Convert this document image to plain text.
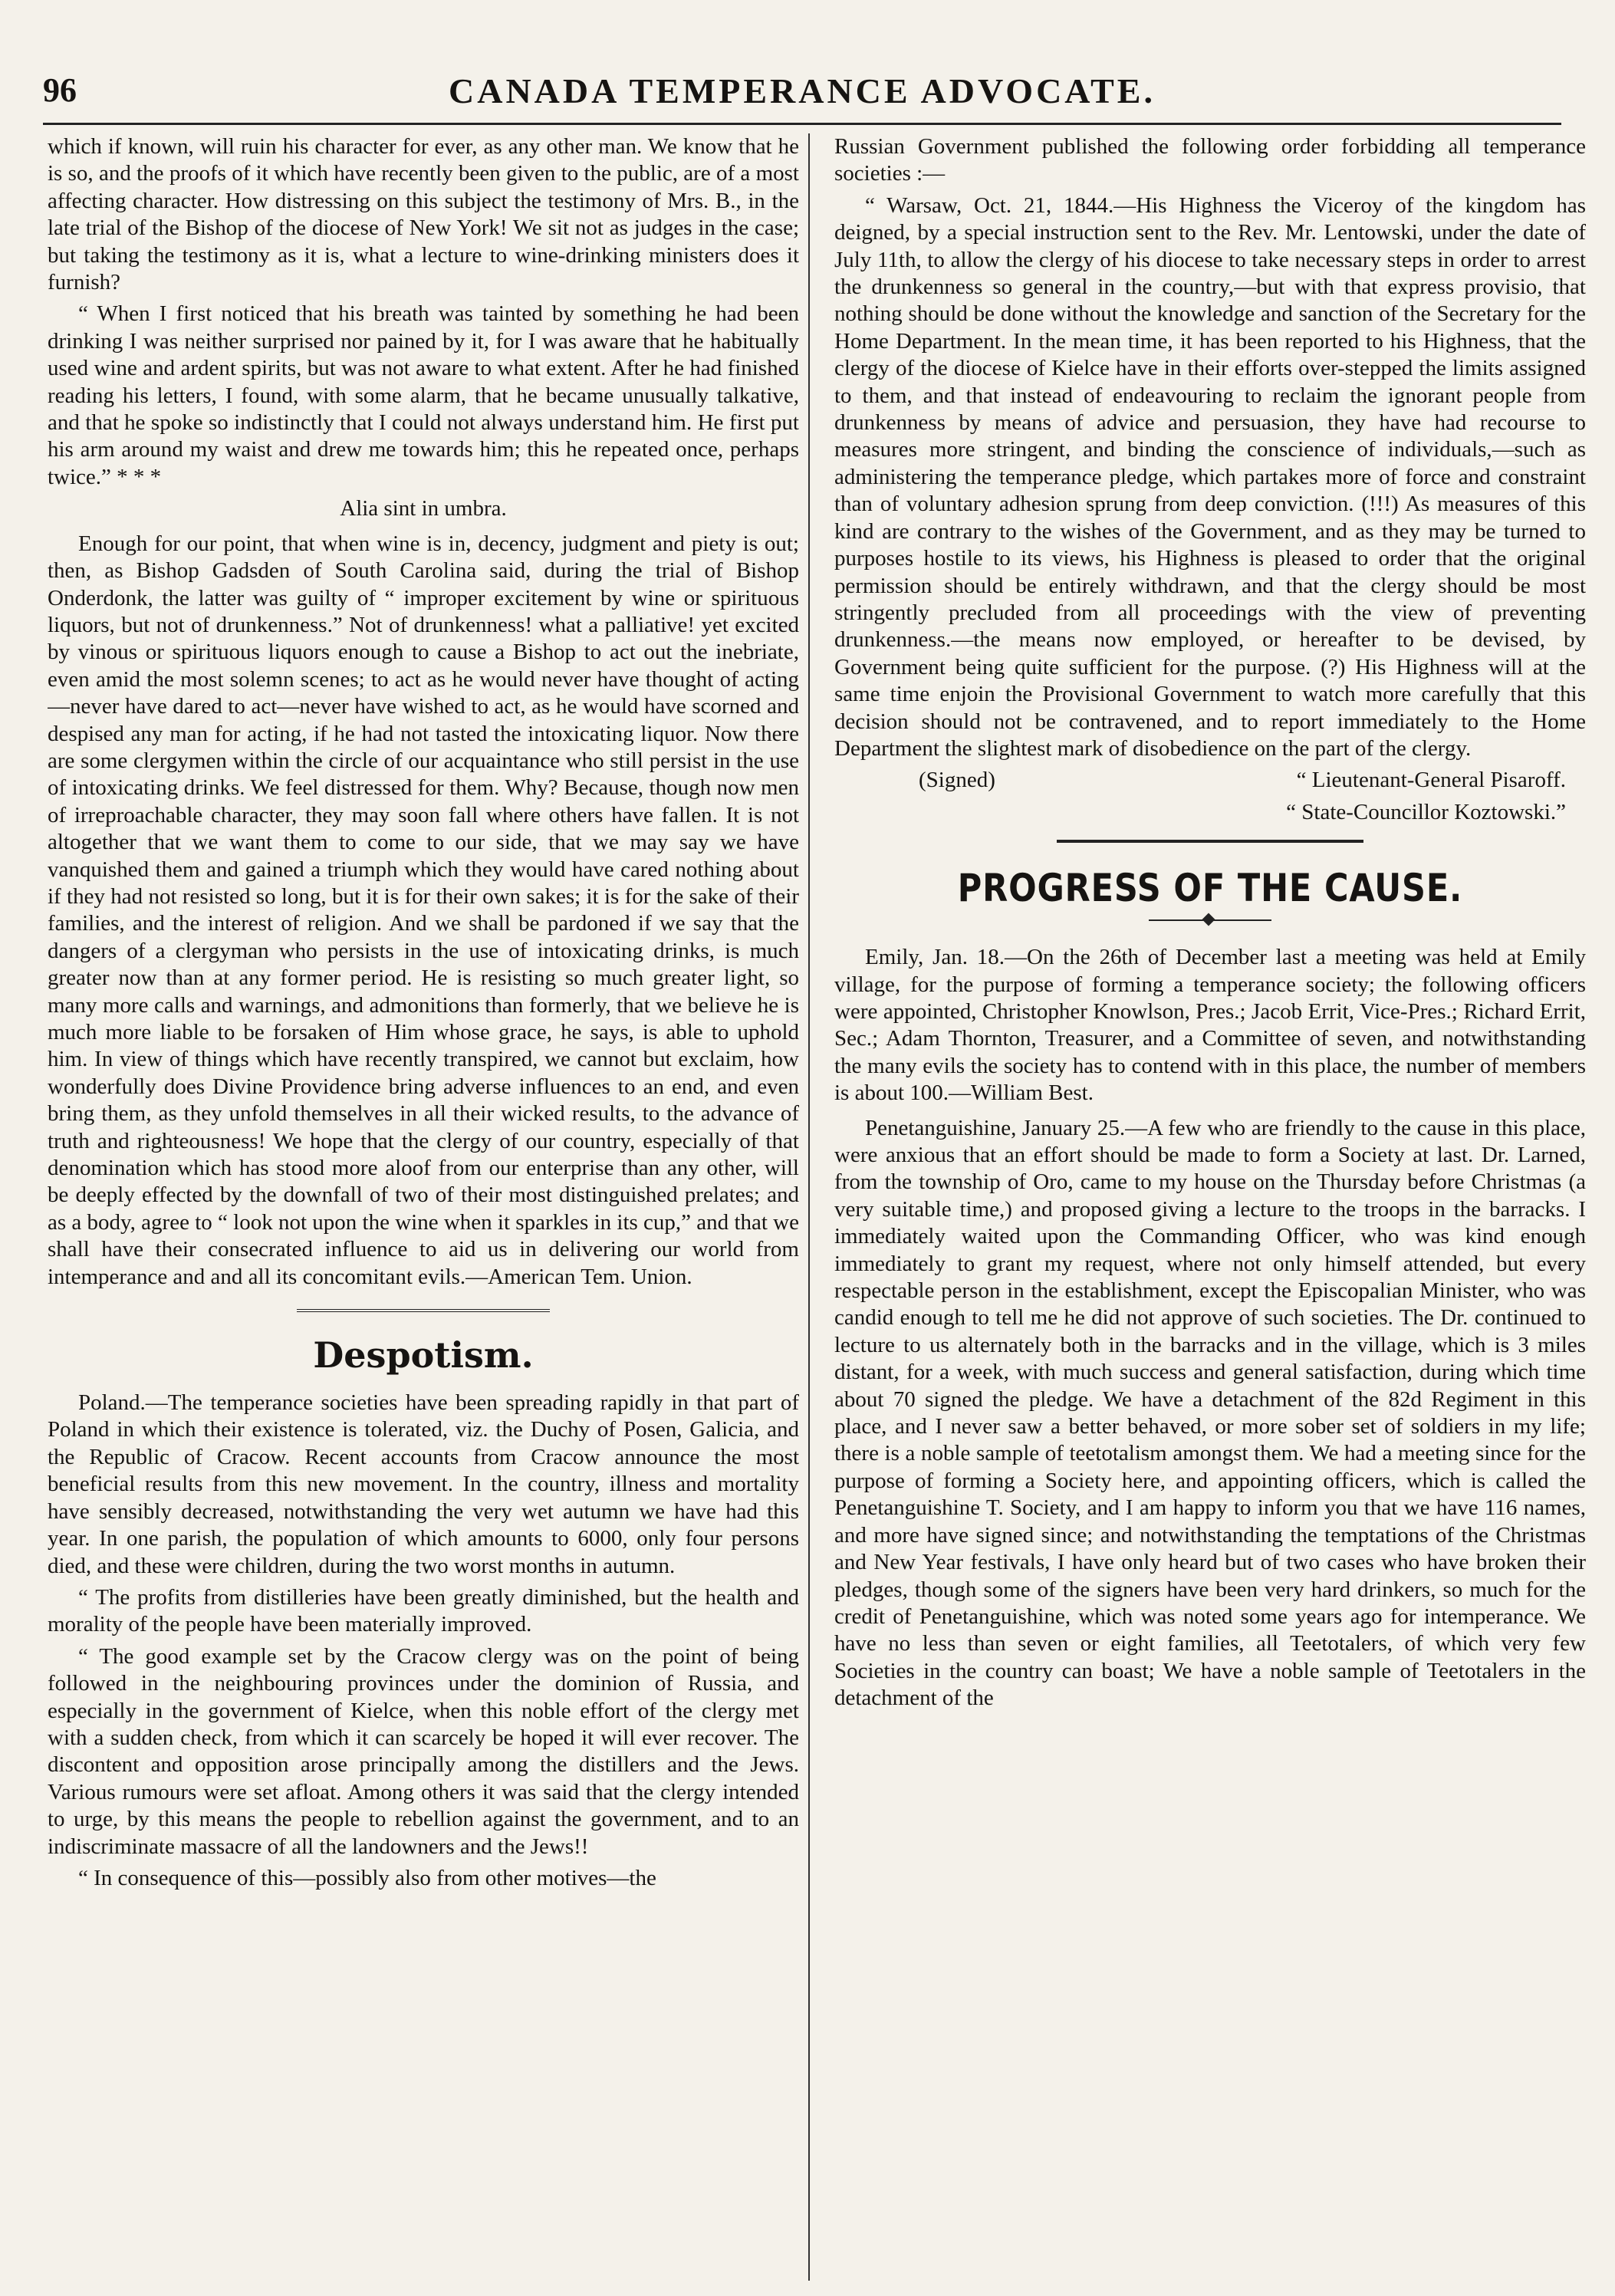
96	CANADA TEMPERANCE ADVOCATE.

which if known, will ruin his character for ever, as any other man. We know that he is so, and the proofs of it which have recently been given to the public, are of a most affecting character. How distressing on this subject the testimony of Mrs. B., in the late trial of the Bishop of the diocese of New York! We sit not as judges in the case; but taking the testimony as it is, what a lecture to wine-drinking ministers does it furnish?

“ When I first noticed that his breath was tainted by something he had been drinking I was neither surprised nor pained by it, for I was aware that he habitually used wine and ardent spirits, but was not aware to what extent. After he had finished reading his letters, I found, with some alarm, that he became unusually talkative, and that he spoke so indistinctly that I could not always understand him. He first put his arm around my waist and drew me towards him; this he repeated once, perhaps twice.” * * *

Alia sint in umbra.

Enough for our point, that when wine is in, decency, judgment and piety is out; then, as Bishop Gadsden of South Carolina said, during the trial of Bishop Onderdonk, the latter was guilty of “ improper excitement by wine or spirituous liquors, but not of drunkenness.” Not of drunkenness! what a palliative! yet excited by vinous or spirituous liquors enough to cause a Bishop to act out the inebriate, even amid the most solemn scenes; to act as he would never have thought of acting—never have dared to act—never have wished to act, as he would have scorned and despised any man for acting, if he had not tasted the intoxicating liquor. Now there are some clergymen within the circle of our acquaintance who still persist in the use of intoxicating drinks. We feel distressed for them. Why? Because, though now men of irreproachable character, they may soon fall where others have fallen. It is not altogether that we want them to come to our side, that we may say we have vanquished them and gained a triumph which they would have cared nothing about if they had not resisted so long, but it is for their own sakes; it is for the sake of their families, and the interest of religion. And we shall be pardoned if we say that the dangers of a clergyman who persists in the use of intoxicating drinks, is much greater now than at any former period. He is resisting so much greater light, so many more calls and warnings, and admonitions than formerly, that we believe he is much more liable to be forsaken of Him whose grace, he says, is able to uphold him. In view of things which have recently transpired, we cannot but exclaim, how wonderfully does Divine Providence bring adverse influences to an end, and even bring them, as they unfold themselves in all their wicked results, to the advance of truth and righteousness! We hope that the clergy of our country, especially of that denomination which has stood more aloof from our enterprise than any other, will be deeply effected by the downfall of two of their most distinguished prelates; and as a body, agree to “ look not upon the wine when it sparkles in its cup,” and that we shall have their consecrated influence to aid us in delivering our world from intemperance and and all its concomitant evils.—American Tem. Union.

Despotism.

Poland.—The temperance societies have been spreading rapidly in that part of Poland in which their existence is tolerated, viz. the Duchy of Posen, Galicia, and the Republic of Cracow. Recent accounts from Cracow announce the most beneficial results from this new movement. In the country, illness and mortality have sensibly decreased, notwithstanding the very wet autumn we have had this year. In one parish, the population of which amounts to 6000, only four persons died, and these were children, during the two worst months in autumn.

“ The profits from distilleries have been greatly diminished, but the health and morality of the people have been materially improved.

“ The good example set by the Cracow clergy was on the point of being followed in the neighbouring provinces under the dominion of Russia, and especially in the government of Kielce, when this noble effort of the clergy met with a sudden check, from which it can scarcely be hoped it will ever recover. The discontent and opposition arose principally among the distillers and the Jews. Various rumours were set afloat. Among others it was said that the clergy intended to urge, by this means the people to rebellion against the government, and to an indiscriminate massacre of all the landowners and the Jews!!

“ In consequence of this—possibly also from other motives—the

Russian Government published the following order forbidding all temperance societies :—

“ Warsaw, Oct. 21, 1844.—His Highness the Viceroy of the kingdom has deigned, by a special instruction sent to the Rev. Mr. Lentowski, under the date of July 11th, to allow the clergy of his diocese to take necessary steps in order to arrest the drunkenness so general in the country,—but with that express provisio, that nothing should be done without the knowledge and sanction of the Secretary for the Home Department. In the mean time, it has been reported to his Highness, that the clergy of the diocese of Kielce have in their efforts over-stepped the limits assigned to them, and that instead of endeavouring to reclaim the ignorant people from drunkenness by means of advice and persuasion, they have had recourse to measures more stringent, and binding the conscience of individuals,—such as administering the temperance pledge, which partakes more of force and constraint than of voluntary adhesion sprung from deep conviction. (!!!) As measures of this kind are contrary to the wishes of the Government, and as they may be turned to purposes hostile to its views, his Highness is pleased to order that the original permission should be entirely withdrawn, and that the clergy should be most stringently precluded from all proceedings with the view of preventing drunkenness.—the means now employed, or hereafter to be devised, by Government being quite sufficient for the purpose. (?) His Highness will at the same time enjoin the Provisional Government to watch more carefully that this decision should not be contravened, and to report immediately to the Home Department the slightest mark of disobedience on the part of the clergy.

(Signed)	“ Lieutenant-General Pisaroff.

“ State-Councillor Koztowski.”

PROGRESS OF THE CAUSE.

Emily, Jan. 18.—On the 26th of December last a meeting was held at Emily village, for the purpose of forming a temperance society; the following officers were appointed, Christopher Knowlson, Pres.; Jacob Errit, Vice-Pres.; Richard Errit, Sec.; Adam Thornton, Treasurer, and a Committee of seven, and notwithstanding the many evils the society has to contend with in this place, the number of members is about 100.—William Best.

Penetanguishine, January 25.—A few who are friendly to the cause in this place, were anxious that an effort should be made to form a Society at last. Dr. Larned, from the township of Oro, came to my house on the Thursday before Christmas (a very suitable time,) and proposed giving a lecture to the troops in the barracks. I immediately waited upon the Commanding Officer, who was kind enough immediately to grant my request, where not only himself attended, but every respectable person in the establishment, except the Episcopalian Minister, who was candid enough to tell me he did not approve of such societies. The Dr. continued to lecture to us alternately both in the barracks and in the village, which is 3 miles distant, for a week, with much success and general satisfaction, during which time about 70 signed the pledge. We have a detachment of the 82d Regiment in this place, and I never saw a better behaved, or more sober set of soldiers in my life; there is a noble sample of teetotalism amongst them. We had a meeting since for the purpose of forming a Society here, and appointing officers, which is called the Penetanguishine T. Society, and I am happy to inform you that we have 116 names, and more have signed since; and notwithstanding the temptations of the Christmas and New Year festivals, I have only heard but of two cases who have broken their pledges, though some of the signers have been very hard drinkers, so much for the credit of Penetanguishine, which was noted some years ago for intemperance. We have no less than seven or eight families, all Teetotalers, of which very few Societies in the country can boast; We have a noble sample of Teetotalers in the detachment of the
